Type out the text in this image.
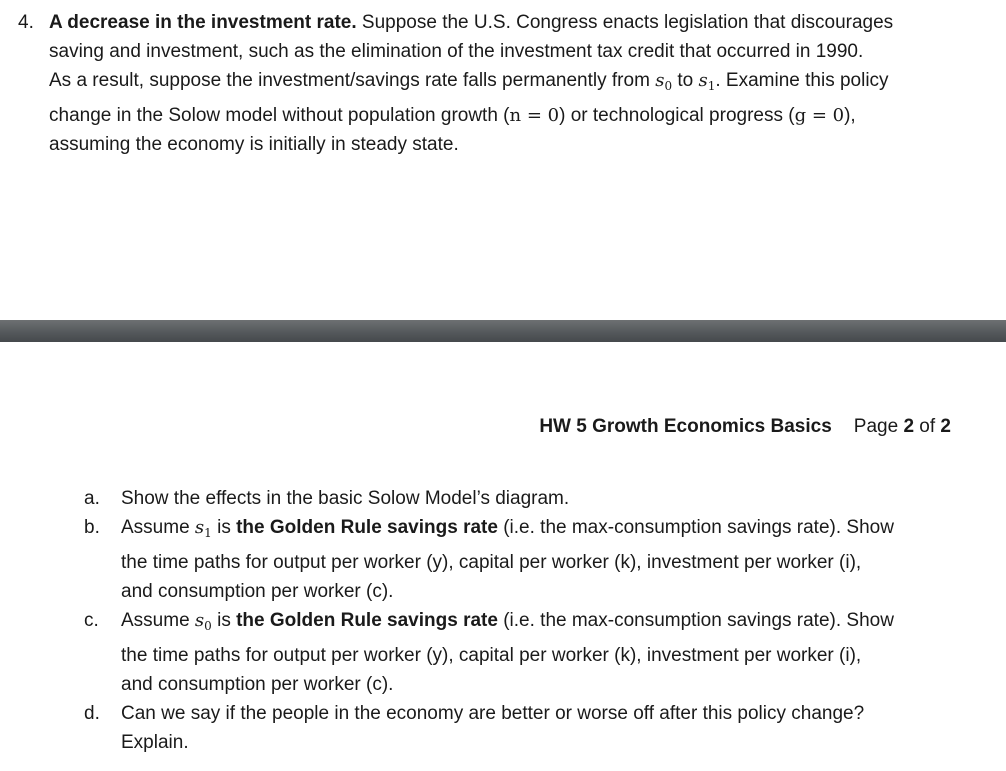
4. A decrease in the investment rate. Suppose the U.S. Congress enacts legislation that discourages
saving and investment, such as the elimination of the investment tax credit that occurred in 1990.
As a result, suppose the investment/savings rate falls permanently from $s_0$ to $s_1$. Examine this policy
change in the Solow model without population growth (n = 0) or technological progress (g = 0),
assuming the economy is initially in steady state.
HW 5 Growth Economics Basics Page 2 of 2
a.	Show the effects in the basic Solow Model’s diagram.
b.	Assume $s_1$ is the Golden Rule savings rate (i.e. the max-consumption savings rate). Show
the time paths for output per worker (y), capital per worker (k), investment per worker (i),
and consumption per worker (c).
c.	Assume $s_0$ is the Golden Rule savings rate (i.e. the max-consumption savings rate). Show
the time paths for output per worker (y), capital per worker (k), investment per worker (i),
and consumption per worker (c).
d.	Can we say if the people in the economy are better or worse off after this policy change?
Explain.
